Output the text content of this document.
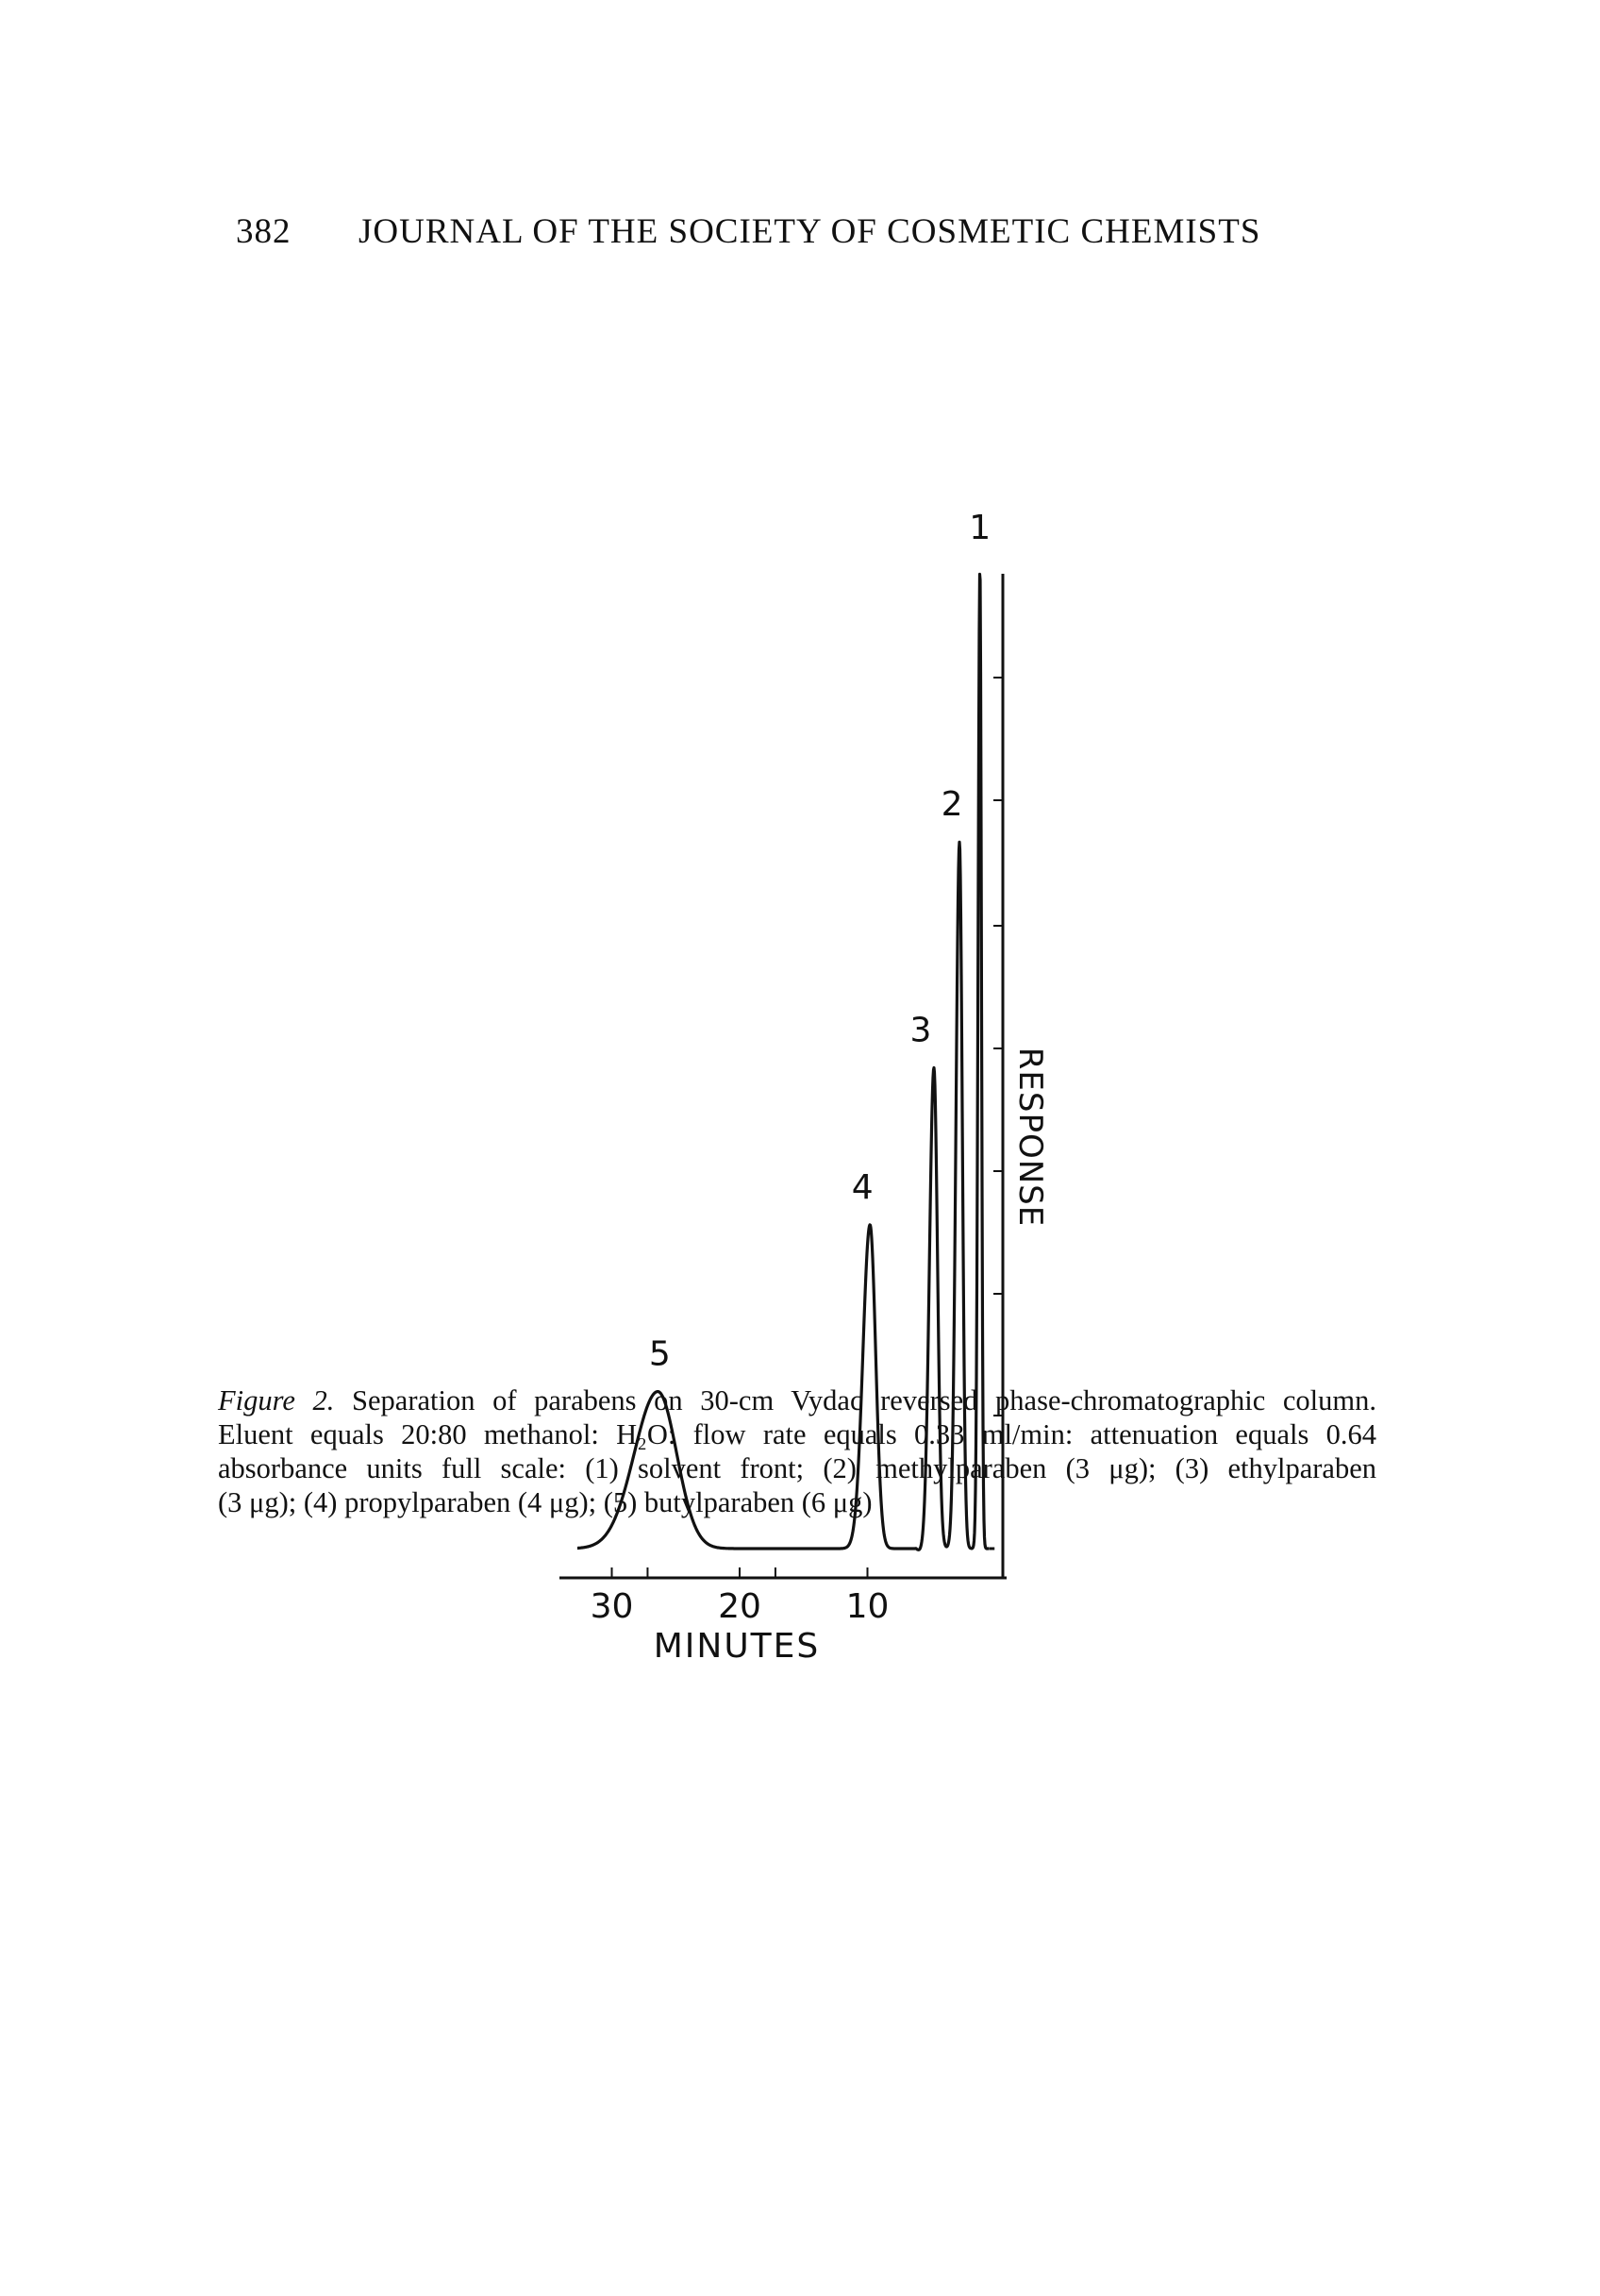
382 JOURNAL OF THE SOCIETY OF COSMETIC CHEMISTS
30 20 10
MINUTES
RESPONSE
1
2
3
4
5
Figure 2. Separation of parabens on 30-cm Vydac reversed phase-chromatographic column.
Eluent equals 20:80 methanol: H₂O: flow rate equals 0.33 ml/min: attenuation equals 0.64
absorbance units full scale: (1) solvent front; (2) methylparaben (3 μg); (3) ethylparaben
(3 μg); (4) propylparaben (4 μg); (5) butylparaben (6 μg)
